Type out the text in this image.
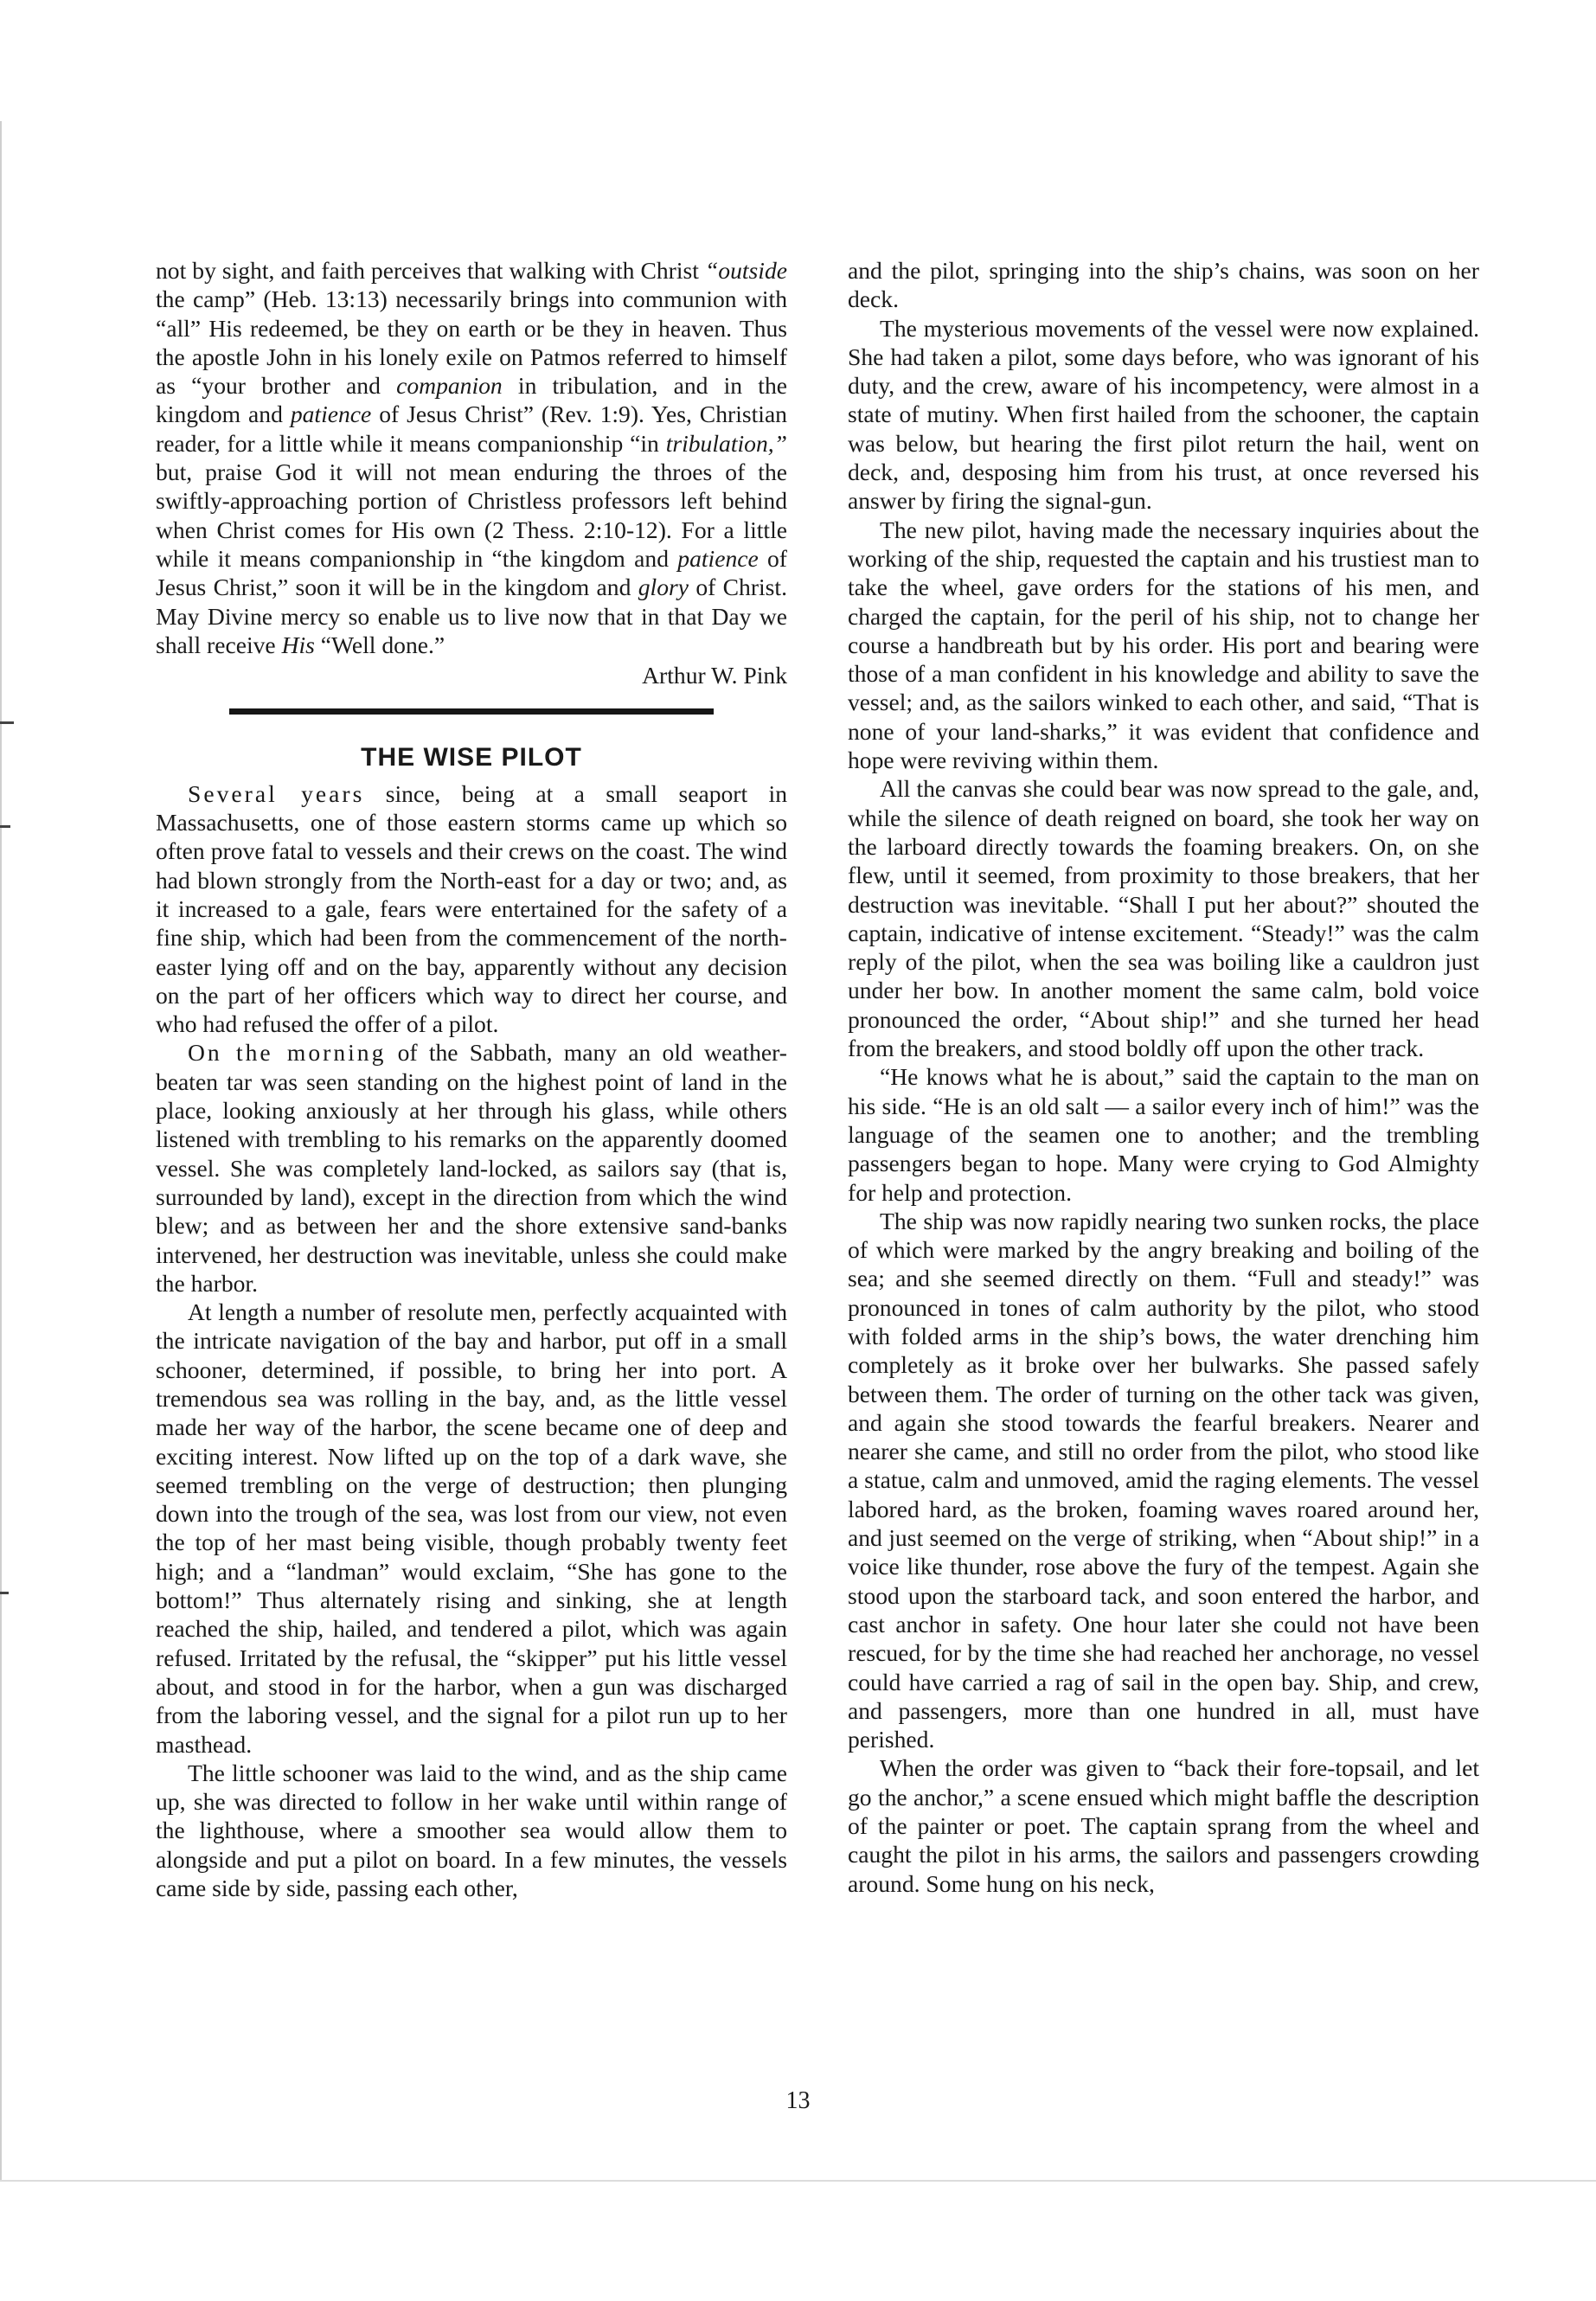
not by sight, and faith perceives that walking with Christ “outside the camp” (Heb. 13:13) necessarily brings into communion with “all” His redeemed, be they on earth or be they in heaven. Thus the apostle John in his lonely exile on Patmos referred to himself as “your brother and companion in tribulation, and in the kingdom and patience of Jesus Christ” (Rev. 1:9). Yes, Christian reader, for a little while it means companionship “in tribulation,” but, praise God it will not mean enduring the throes of the swiftly-approaching portion of Christless professors left behind when Christ comes for His own (2 Thess. 2:10-12). For a little while it means companionship in “the kingdom and patience of Jesus Christ,” soon it will be in the kingdom and glory of Christ. May Divine mercy so enable us to live now that in that Day we shall receive His “Well done.”

Arthur W. Pink

THE WISE PILOT

Several years since, being at a small seaport in Massachusetts, one of those eastern storms came up which so often prove fatal to vessels and their crews on the coast. The wind had blown strongly from the North-east for a day or two; and, as it increased to a gale, fears were entertained for the safety of a fine ship, which had been from the commencement of the north-easter lying off and on the bay, apparently without any decision on the part of her officers which way to direct her course, and who had refused the offer of a pilot.

On the morning of the Sabbath, many an old weather-beaten tar was seen standing on the highest point of land in the place, looking anxiously at her through his glass, while others listened with trembling to his remarks on the apparently doomed vessel. She was completely land-locked, as sailors say (that is, surrounded by land), except in the direction from which the wind blew; and as between her and the shore extensive sand-banks intervened, her destruction was inevitable, unless she could make the harbor.

At length a number of resolute men, perfectly acquainted with the intricate navigation of the bay and harbor, put off in a small schooner, determined, if possible, to bring her into port. A tremendous sea was rolling in the bay, and, as the little vessel made her way of the harbor, the scene became one of deep and exciting interest. Now lifted up on the top of a dark wave, she seemed trembling on the verge of destruction; then plunging down into the trough of the sea, was lost from our view, not even the top of her mast being visible, though probably twenty feet high; and a “landman” would exclaim, “She has gone to the bottom!” Thus alternately rising and sinking, she at length reached the ship, hailed, and tendered a pilot, which was again refused. Irritated by the refusal, the “skipper” put his little vessel about, and stood in for the harbor, when a gun was discharged from the laboring vessel, and the signal for a pilot run up to her masthead.

The little schooner was laid to the wind, and as the ship came up, she was directed to follow in her wake until within range of the lighthouse, where a smoother sea would allow them to alongside and put a pilot on board. In a few minutes, the vessels came side by side, passing each other,

and the pilot, springing into the ship’s chains, was soon on her deck.

The mysterious movements of the vessel were now explained. She had taken a pilot, some days before, who was ignorant of his duty, and the crew, aware of his incompetency, were almost in a state of mutiny. When first hailed from the schooner, the captain was below, but hearing the first pilot return the hail, went on deck, and, desposing him from his trust, at once reversed his answer by firing the signal-gun.

The new pilot, having made the necessary inquiries about the working of the ship, requested the captain and his trustiest man to take the wheel, gave orders for the stations of his men, and charged the captain, for the peril of his ship, not to change her course a handbreath but by his order. His port and bearing were those of a man confident in his knowledge and ability to save the vessel; and, as the sailors winked to each other, and said, “That is none of your land-sharks,” it was evident that confidence and hope were reviving within them.

All the canvas she could bear was now spread to the gale, and, while the silence of death reigned on board, she took her way on the larboard directly towards the foaming breakers. On, on she flew, until it seemed, from proximity to those breakers, that her destruction was inevitable. “Shall I put her about?” shouted the captain, indicative of intense excitement. “Steady!” was the calm reply of the pilot, when the sea was boiling like a cauldron just under her bow. In another moment the same calm, bold voice pronounced the order, “About ship!” and she turned her head from the breakers, and stood boldly off upon the other track.

“He knows what he is about,” said the captain to the man on his side. “He is an old salt — a sailor every inch of him!” was the language of the seamen one to another; and the trembling passengers began to hope. Many were crying to God Almighty for help and protection.

The ship was now rapidly nearing two sunken rocks, the place of which were marked by the angry breaking and boiling of the sea; and she seemed directly on them. “Full and steady!” was pronounced in tones of calm authority by the pilot, who stood with folded arms in the ship’s bows, the water drenching him completely as it broke over her bulwarks. She passed safely between them. The order of turning on the other tack was given, and again she stood towards the fearful breakers. Nearer and nearer she came, and still no order from the pilot, who stood like a statue, calm and unmoved, amid the raging elements. The vessel labored hard, as the broken, foaming waves roared around her, and just seemed on the verge of striking, when “About ship!” in a voice like thunder, rose above the fury of the tempest. Again she stood upon the starboard tack, and soon entered the harbor, and cast anchor in safety. One hour later she could not have been rescued, for by the time she had reached her anchorage, no vessel could have carried a rag of sail in the open bay. Ship, and crew, and passengers, more than one hundred in all, must have perished.

When the order was given to “back their fore-topsail, and let go the anchor,” a scene ensued which might baffle the description of the painter or poet. The captain sprang from the wheel and caught the pilot in his arms, the sailors and passengers crowding around. Some hung on his neck,

13
